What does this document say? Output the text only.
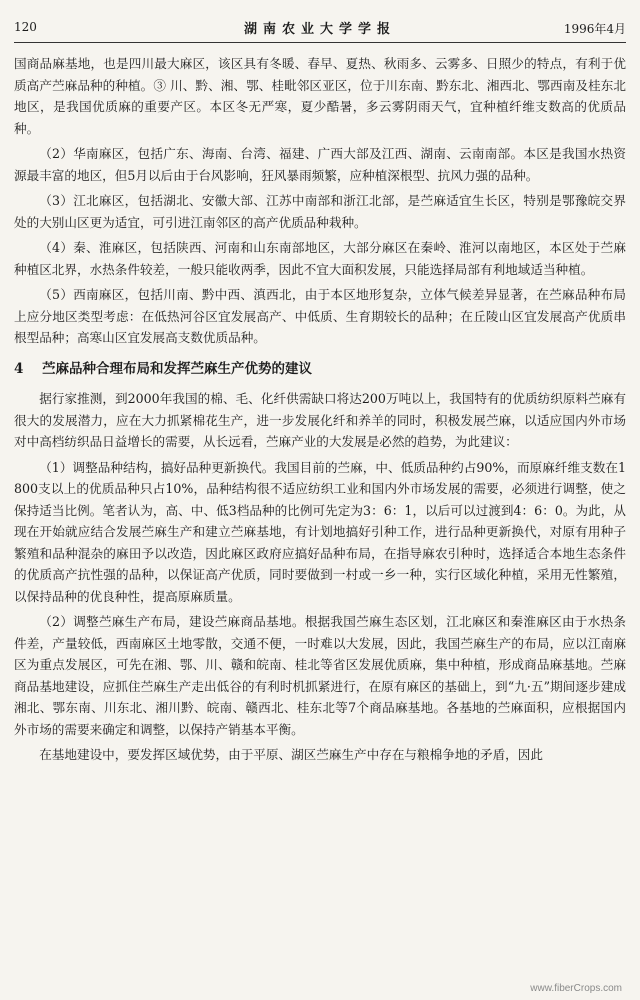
120	湖南农业大学学报	1996年4月

国商品麻基地，也是四川最大麻区，该区具有冬暖、春早、夏热、秋雨多、云雾多、日照少的特点，有利于优质高产苎麻品种的种植。③ 川、黔、湘、鄂、桂毗邻区亚区，位于川东南、黔东北、湘西北、鄂西南及桂东北地区，是我国优质麻的重要产区。本区冬无严寒，夏少酷暑，多云雾阴雨天气，宜种植纤维支数高的优质品种。

（2）华南麻区，包括广东、海南、台湾、福建、广西大部及江西、湖南、云南南部。本区是我国水热资源最丰富的地区，但5月以后由于台风影响，狂风暴雨频繁，应种植深根型、抗风力强的品种。

（3）江北麻区，包括湖北、安徽大部、江苏中南部和浙江北部，是苎麻适宜生长区，特别是鄂豫皖交界处的大别山区更为适宜，可引进江南邻区的高产优质品种栽种。

（4）秦、淮麻区，包括陕西、河南和山东南部地区，大部分麻区在秦岭、淮河以南地区，本区处于苎麻种植区北界，水热条件较差，一般只能收两季，因此不宜大面积发展，只能选择局部有利地域适当种植。

（5）西南麻区，包括川南、黔中西、滇西北，由于本区地形复杂，立体气候差异显著，在苎麻品种布局上应分地区类型考虑：在低热河谷区宜发展高产、中低质、生育期较长的品种；在丘陵山区宜发展高产优质串根型品种；高寒山区宜发展高支数优质品种。

4 苎麻品种合理布局和发挥苎麻生产优势的建议

据行家推测，到2000年我国的棉、毛、化纤供需缺口将达200万吨以上，我国特有的优质纺织原料苎麻有很大的发展潜力，应在大力抓紧棉花生产，进一步发展化纤和养羊的同时，积极发展苎麻，以适应国内外市场对中高档纺织品日益增长的需要，从长远看，苎麻产业的大发展是必然的趋势，为此建议：

（1）调整品种结构，搞好品种更新换代。我国目前的苎麻，中、低质品种约占90%，而原麻纤维支数在1 800支以上的优质品种只占10%，品种结构很不适应纺织工业和国内外市场发展的需要，必须进行调整，使之保持适当比例。笔者认为，高、中、低3档品种的比例可先定为3：6：1，以后可以过渡到4：6：0。为此，从现在开始就应结合发展苎麻生产和建立苎麻基地，有计划地搞好引种工作，进行品种更新换代，对原有用种子繁殖和品种混杂的麻田予以改造，因此麻区政府应搞好品种布局，在指导麻农引种时，选择适合本地生态条件的优质高产抗性强的品种，以保证高产优质，同时要做到一村或一乡一种，实行区域化种植，采用无性繁殖，以保持品种的优良种性，提高原麻质量。

（2）调整苎麻生产布局，建设苎麻商品基地。根据我国苎麻生态区划，江北麻区和秦淮麻区由于水热条件差，产量较低，西南麻区土地零散，交通不便，一时难以大发展，因此，我国苎麻生产的布局，应以江南麻区为重点发展区，可先在湘、鄂、川、赣和皖南、桂北等省区发展优质麻，集中种植，形成商品麻基地。苎麻商品基地建设，应抓住苎麻生产走出低谷的有利时机抓紧进行，在原有麻区的基础上，到“九·五”期间逐步建成湘北、鄂东南、川东北、湘川黔、皖南、赣西北、桂东北等7个商品麻基地。各基地的苎麻面积，应根据国内外市场的需要来确定和调整，以保持产销基本平衡。

在基地建设中，要发挥区域优势，由于平原、湖区苎麻生产中存在与粮棉争地的矛盾，因此

www.fiberCrops.com
